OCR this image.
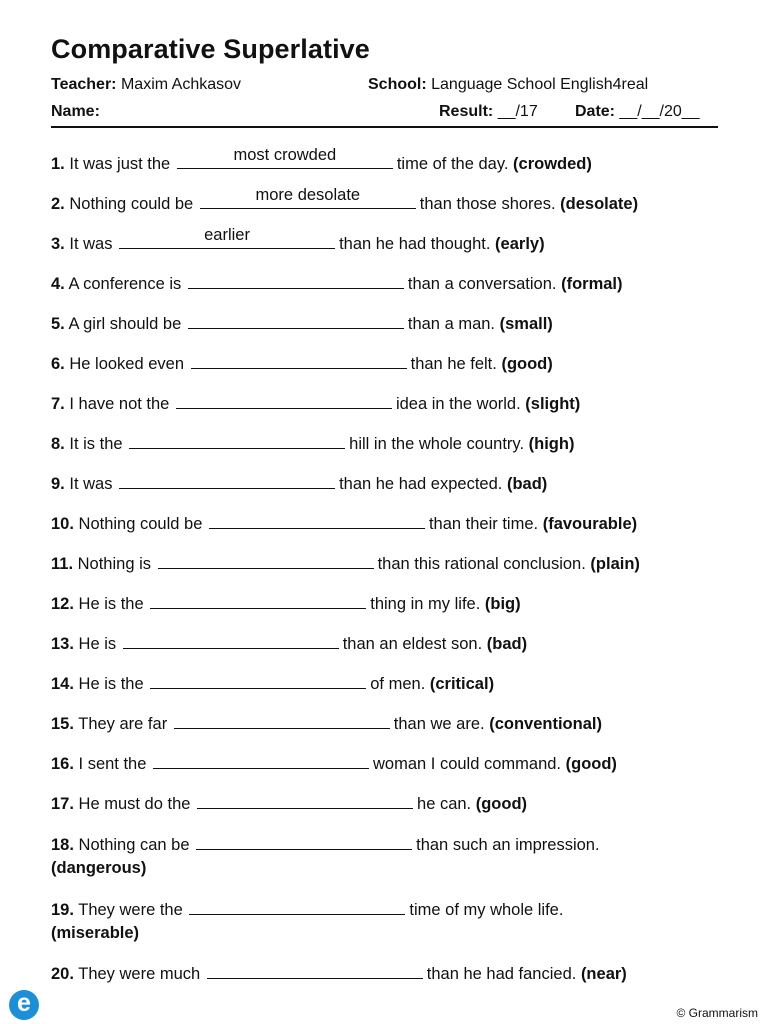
Comparative Superlative
Teacher: Maxim Achkasov	School: Language School English4real
Name:	Result: __/17 Date: __/__/20__
1. It was just the	most crowded	time of the day. (crowded)
2. Nothing could be	more desolate	than those shores. (desolate)
3. It was	earlier	than he had thought. (early)
4. A conference is	than a conversation. (formal)
5. A girl should be	than a man. (small)
6. He looked even	than he felt. (good)
7. I have not the	idea in the world. (slight)
8. It is the	hill in the whole country. (high)
9. It was	than he had expected. (bad)
10. Nothing could be	than their time. (favourable)
11. Nothing is	than this rational conclusion. (plain)
12. He is the	thing in my life. (big)
13. He is	than an eldest son. (bad)
14. He is the	of men. (critical)
15. They are far	than we are. (conventional)
16. I sent the	woman I could command. (good)
17. He must do the	he can. (good)
18. Nothing can be	than such an impression.
(dangerous)
19. They were the	time of my whole life.
(miserable)
20. They were much	than he had fancied. (near)
e	© Grammarism
